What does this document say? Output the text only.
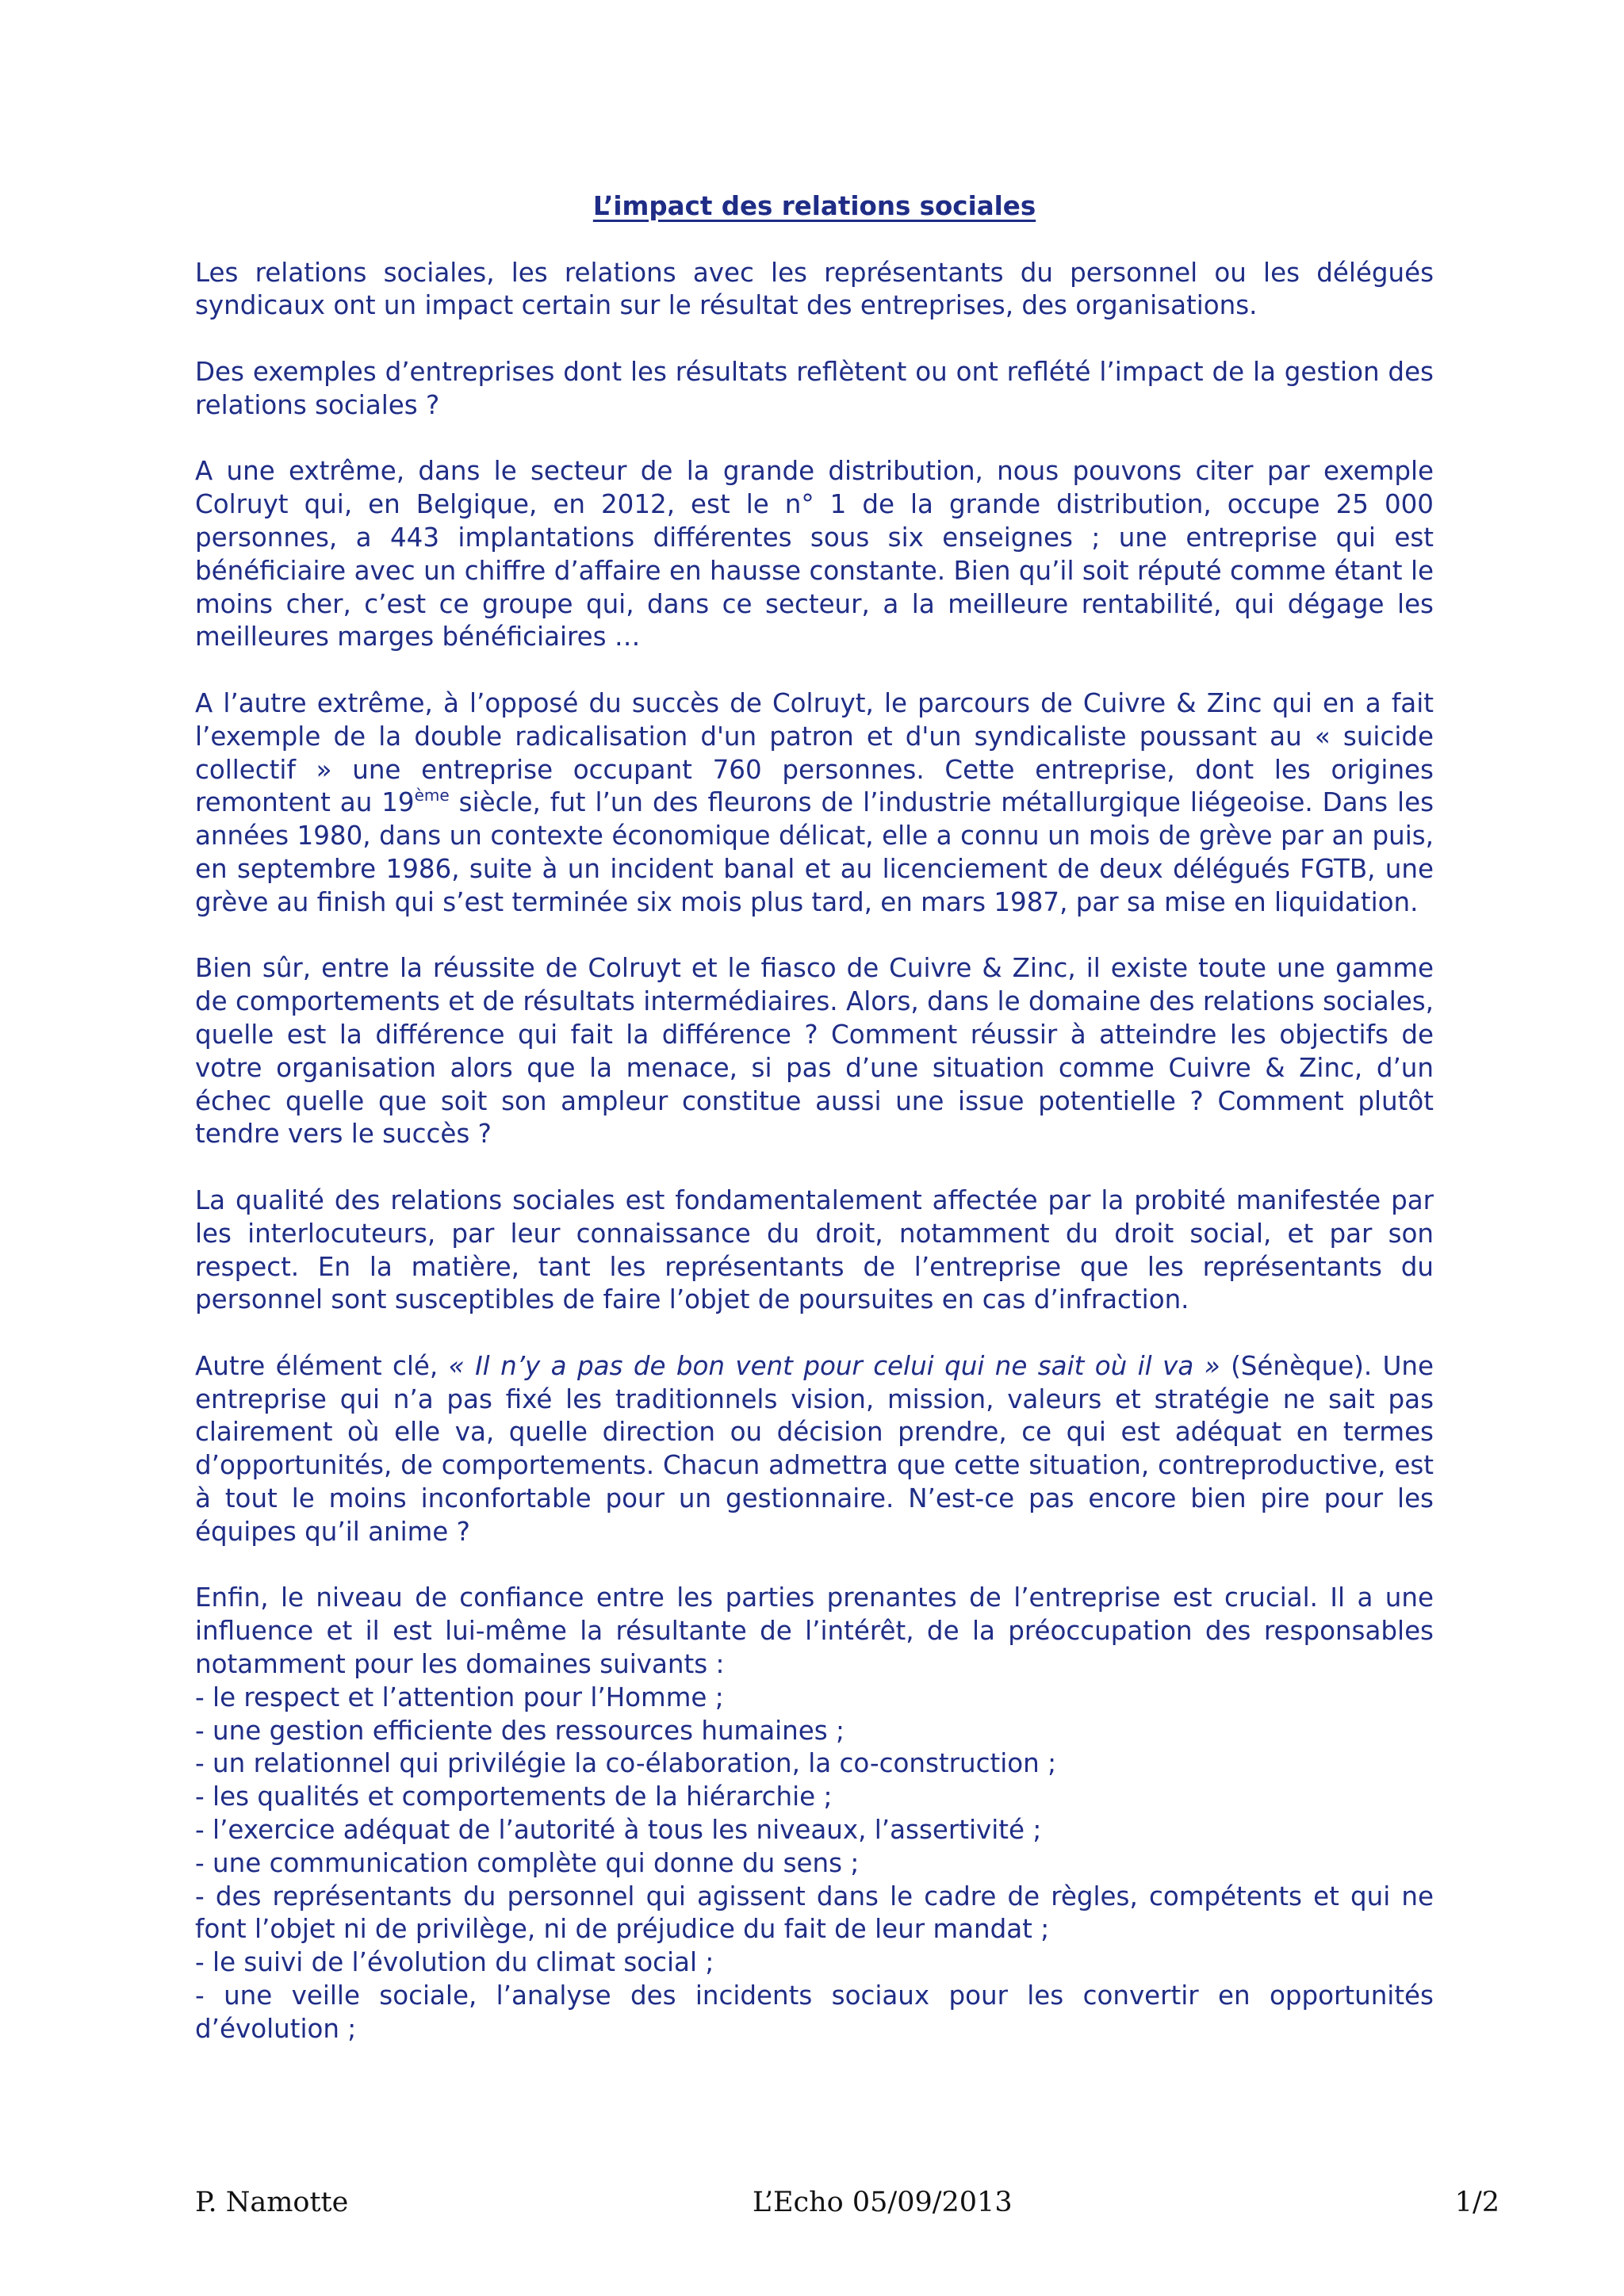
L’impact des relations sociales

Les relations sociales, les relations avec les représentants du personnel ou les délégués syndicaux ont un impact certain sur le résultat des entreprises, des organisations.

Des exemples d’entreprises dont les résultats reflètent ou ont reflété l’impact de la gestion des relations sociales ?

A une extrême, dans le secteur de la grande distribution, nous pouvons citer par exemple Colruyt qui, en Belgique, en 2012, est le n° 1 de la grande distribution, occupe 25 000 personnes, a 443 implantations différentes sous six enseignes ; une entreprise qui est bénéficiaire avec un chiffre d’affaire en hausse constante. Bien qu’il soit réputé comme étant le moins cher, c’est ce groupe qui, dans ce secteur, a la meilleure rentabilité, qui dégage les meilleures marges bénéficiaires …

A l’autre extrême, à l’opposé du succès de Colruyt, le parcours de Cuivre & Zinc qui en a fait l’exemple de la double radicalisation d'un patron et d'un syndicaliste poussant au « suicide collectif » une entreprise occupant 760 personnes. Cette entreprise, dont les origines remontent au 19ème siècle, fut l’un des fleurons de l’industrie métallurgique liégeoise. Dans les années 1980, dans un contexte économique délicat, elle a connu un mois de grève par an puis, en septembre 1986, suite à un incident banal et au licenciement de deux délégués FGTB, une grève au finish qui s’est terminée six mois plus tard, en mars 1987, par sa mise en liquidation.

Bien sûr, entre la réussite de Colruyt et le fiasco de Cuivre & Zinc, il existe toute une gamme de comportements et de résultats intermédiaires. Alors, dans le domaine des relations sociales, quelle est la différence qui fait la différence ? Comment réussir à atteindre les objectifs de votre organisation alors que la menace, si pas d’une situation comme Cuivre & Zinc, d’un échec quelle que soit son ampleur constitue aussi une issue potentielle ? Comment plutôt tendre vers le succès ?

La qualité des relations sociales est fondamentalement affectée par la probité manifestée par les interlocuteurs, par leur connaissance du droit, notamment du droit social, et par son respect. En la matière, tant les représentants de l’entreprise que les représentants du personnel sont susceptibles de faire l’objet de poursuites en cas d’infraction.

Autre élément clé, « Il n’y a pas de bon vent pour celui qui ne sait où il va » (Sénèque). Une entreprise qui n’a pas fixé les traditionnels vision, mission, valeurs et stratégie ne sait pas clairement où elle va, quelle direction ou décision prendre, ce qui est adéquat en termes d’opportunités, de comportements. Chacun admettra que cette situation, contreproductive, est à tout le moins inconfortable pour un gestionnaire. N’est-ce pas encore bien pire pour les équipes qu’il anime ?

Enfin, le niveau de confiance entre les parties prenantes de l’entreprise est crucial. Il a une influence et il est lui-même la résultante de l’intérêt, de la préoccupation des responsables notamment pour les domaines suivants :

- le respect et l’attention pour l’Homme ;
- une gestion efficiente des ressources humaines ;
- un relationnel qui privilégie la co-élaboration, la co-construction ;
- les qualités et comportements de la hiérarchie ;
- l’exercice adéquat de l’autorité à tous les niveaux, l’assertivité ;
- une communication complète qui donne du sens ;
- des représentants du personnel qui agissent dans le cadre de règles, compétents et qui ne font l’objet ni de privilège, ni de préjudice du fait de leur mandat ;
- le suivi de l’évolution du climat social ;
- une veille sociale, l’analyse des incidents sociaux pour les convertir en opportunités d’évolution ;
P. Namotte	L’Echo 05/09/2013	1/2
